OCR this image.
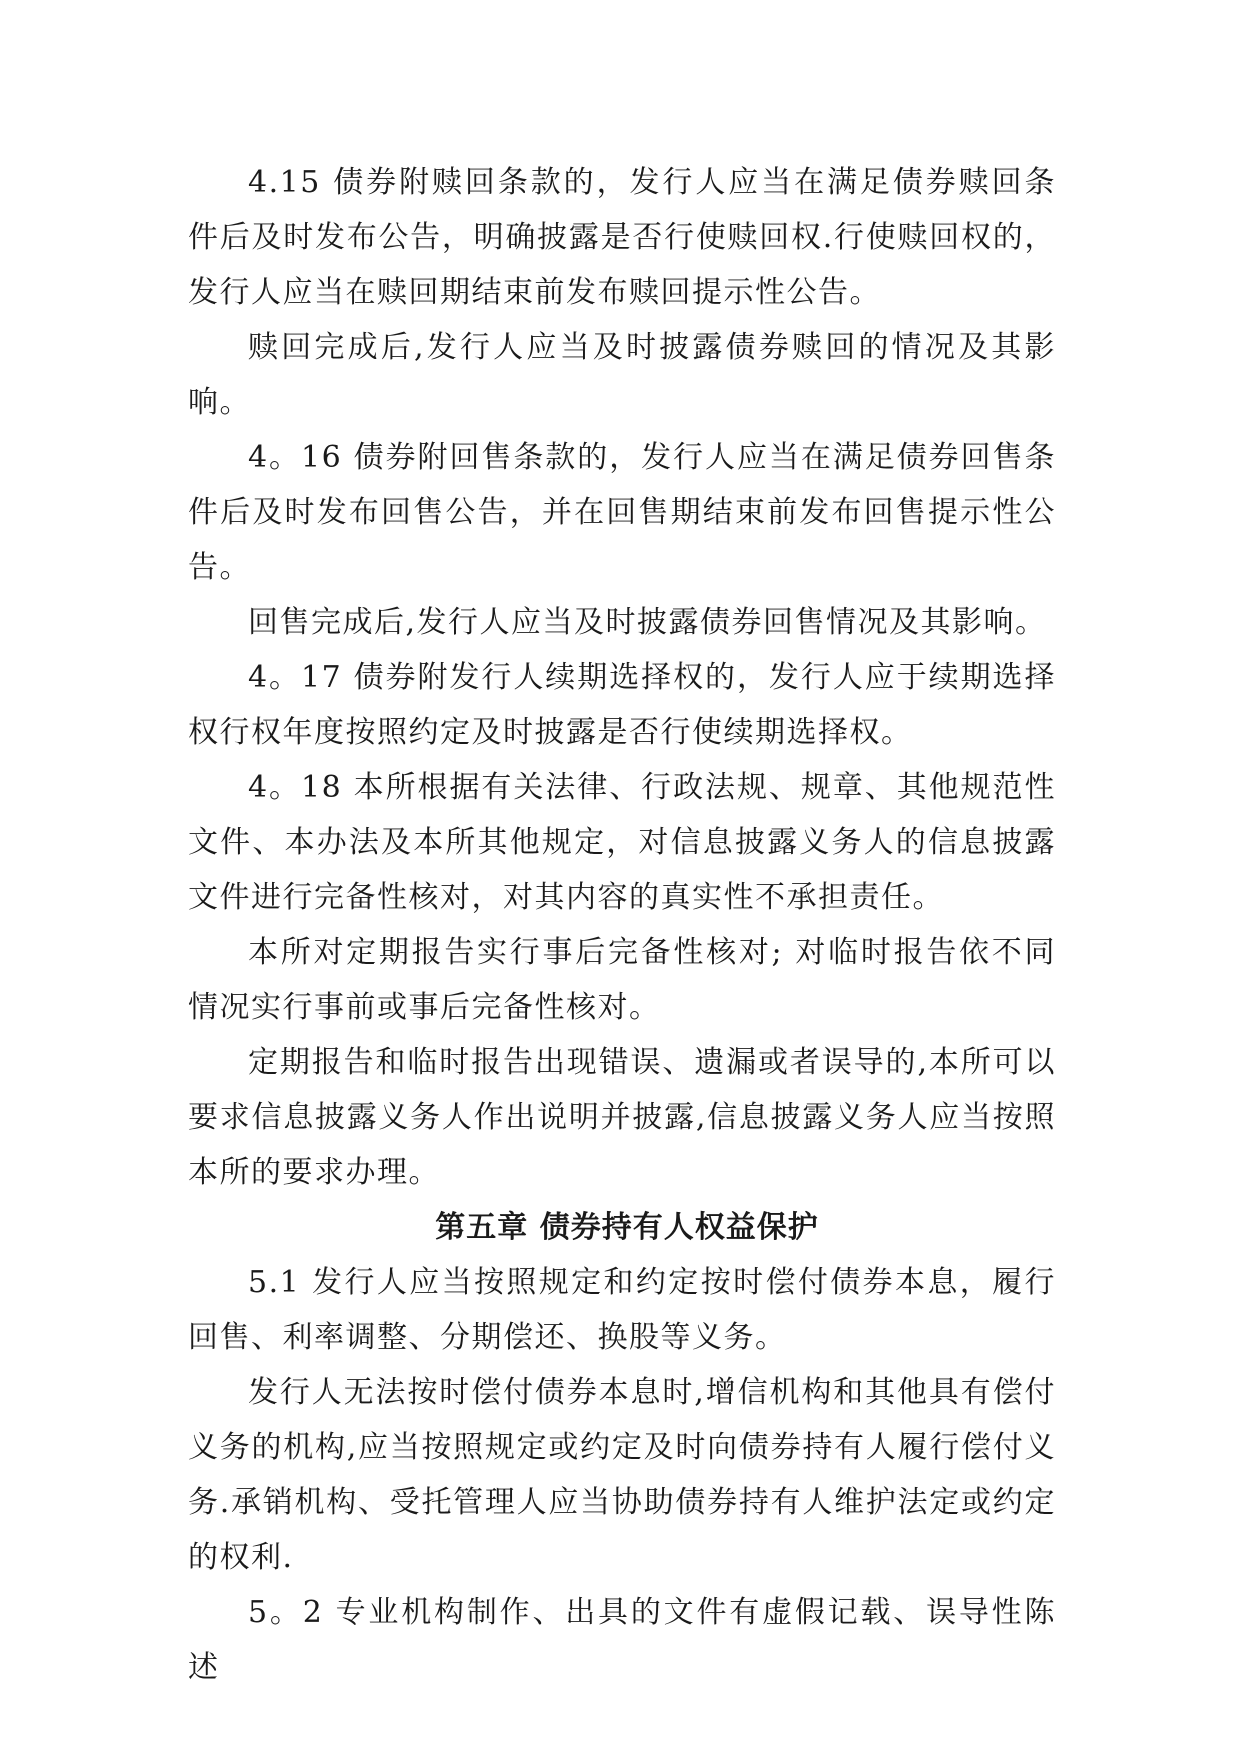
4.15 债券附赎回条款的，发行人应当在满足债券赎回条件后及时发布公告，明确披露是否行使赎回权.行使赎回权的，发行人应当在赎回期结束前发布赎回提示性公告。

赎回完成后,发行人应当及时披露债券赎回的情况及其影响。

4。16 债券附回售条款的，发行人应当在满足债券回售条件后及时发布回售公告，并在回售期结束前发布回售提示性公告。

回售完成后,发行人应当及时披露债券回售情况及其影响。

4。17 债券附发行人续期选择权的，发行人应于续期选择权行权年度按照约定及时披露是否行使续期选择权。

4。18 本所根据有关法律、行政法规、规章、其他规范性文件、本办法及本所其他规定，对信息披露义务人的信息披露文件进行完备性核对，对其内容的真实性不承担责任。

本所对定期报告实行事后完备性核对; 对临时报告依不同情况实行事前或事后完备性核对。

定期报告和临时报告出现错误、遗漏或者误导的,本所可以要求信息披露义务人作出说明并披露,信息披露义务人应当按照本所的要求办理。

第五章 债券持有人权益保护

5.1 发行人应当按照规定和约定按时偿付债券本息，履行回售、利率调整、分期偿还、换股等义务。

发行人无法按时偿付债券本息时,增信机构和其他具有偿付义务的机构,应当按照规定或约定及时向债券持有人履行偿付义务.承销机构、受托管理人应当协助债券持有人维护法定或约定的权利.

5。2 专业机构制作、出具的文件有虚假记载、误导性陈述
